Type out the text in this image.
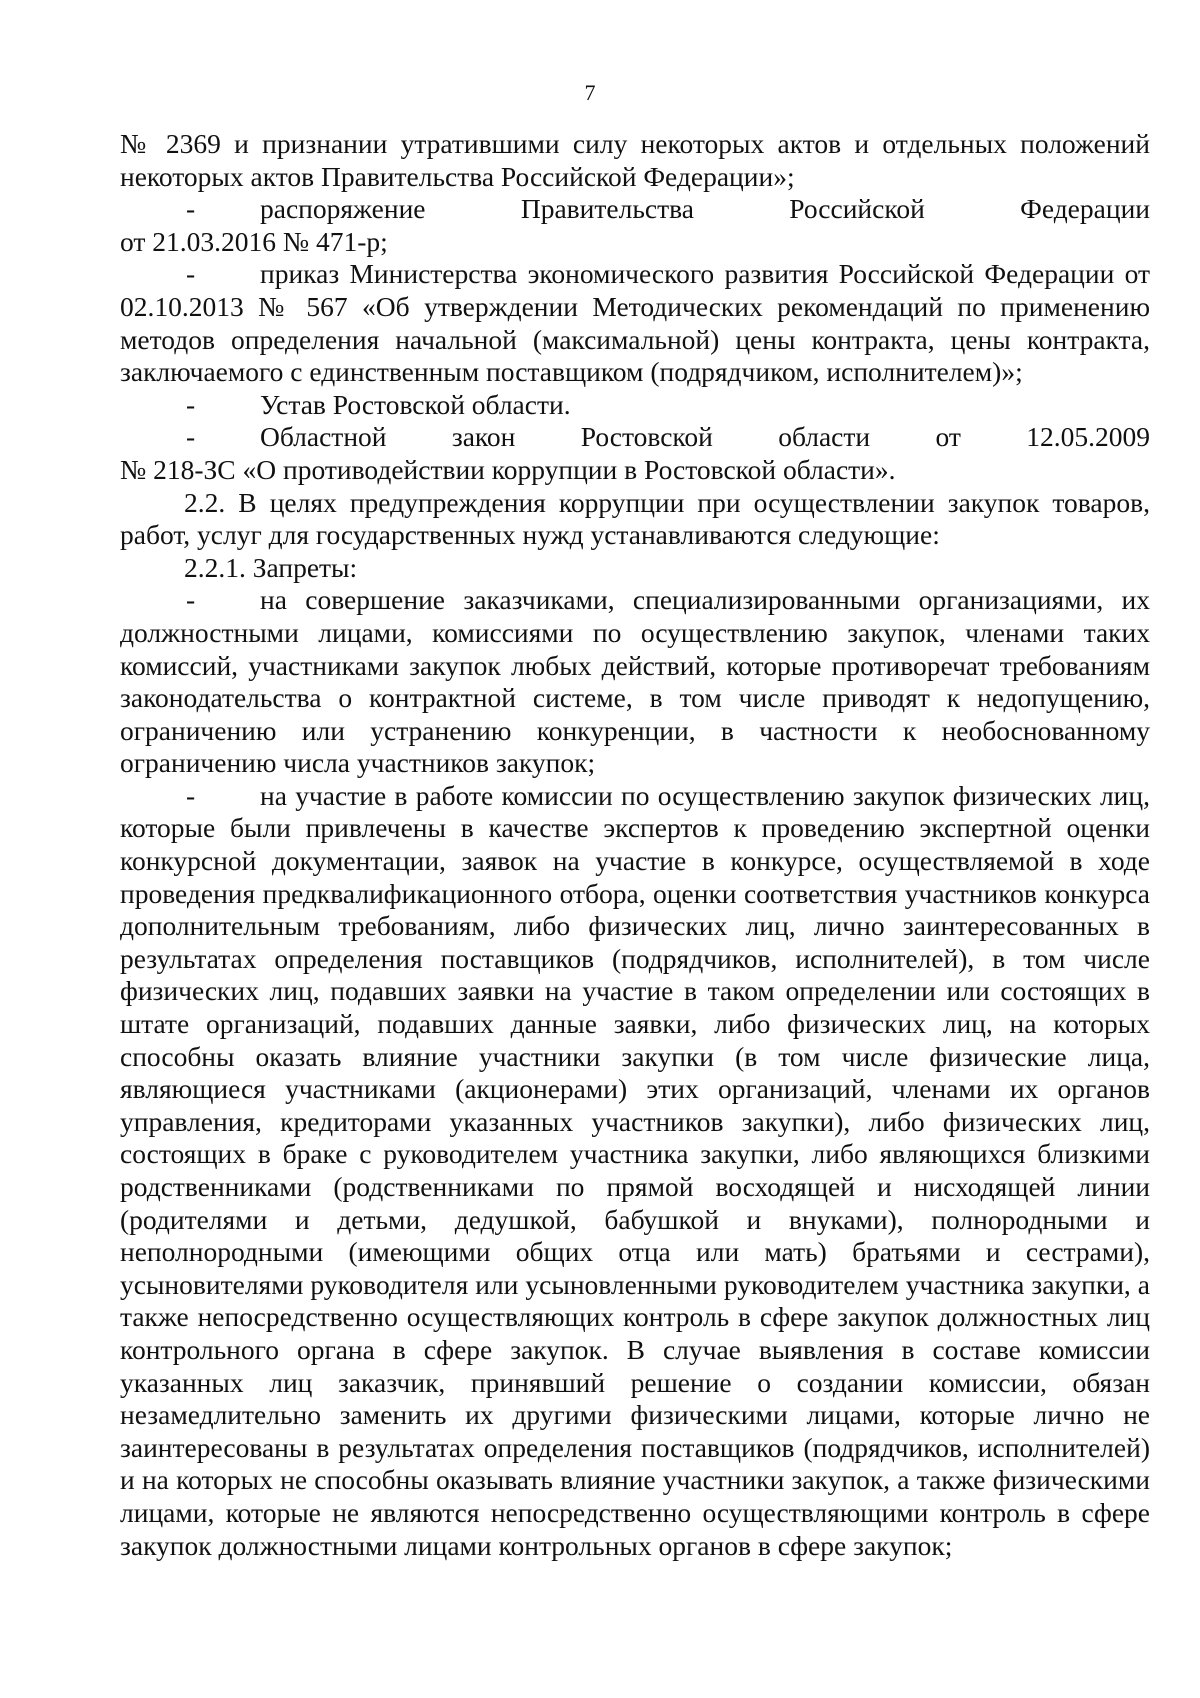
7

№ 2369 и признании утратившими силу некоторых актов и отдельных положений некоторых актов Правительства Российской Федерации»;

- распоряжение Правительства Российской Федерации

от 21.03.2016 № 471-р;

- приказ Министерства экономического развития Российской Федерации от 02.10.2013 № 567 «Об утверждении Методических рекомендаций по применению методов определения начальной (максимальной) цены контракта, цены контракта, заключаемого с единственным поставщиком (подрядчиком, исполнителем)»;

- Устав Ростовской области.

- Областной закон Ростовской области от 12.05.2009

№ 218-ЗС «О противодействии коррупции в Ростовской области».

2.2. В целях предупреждения коррупции при осуществлении закупок товаров, работ, услуг для государственных нужд устанавливаются следующие:

2.2.1. Запреты:

- на совершение заказчиками, специализированными организациями, их должностными лицами, комиссиями по осуществлению закупок, членами таких комиссий, участниками закупок любых действий, которые противоречат требованиям законодательства о контрактной системе, в том числе приводят к недопущению, ограничению или устранению конкуренции, в частности к необоснованному ограничению числа участников закупок;

- на участие в работе комиссии по осуществлению закупок физических лиц, которые были привлечены в качестве экспертов к проведению экспертной оценки конкурсной документации, заявок на участие в конкурсе, осуществляемой в ходе проведения предквалификационного отбора, оценки соответствия участников конкурса дополнительным требованиям, либо физических лиц, лично заинтересованных в результатах определения поставщиков (подрядчиков, исполнителей), в том числе физических лиц, подавших заявки на участие в таком определении или состоящих в штате организаций, подавших данные заявки, либо физических лиц, на которых способны оказать влияние участники закупки (в том числе физические лица, являющиеся участниками (акционерами) этих организаций, членами их органов управления, кредиторами указанных участников закупки), либо физических лиц, состоящих в браке с руководителем участника закупки, либо являющихся близкими родственниками (родственниками по прямой восходящей и нисходящей линии (родителями и детьми, дедушкой, бабушкой и внуками), полнородными и неполнородными (имеющими общих отца или мать) братьями и сестрами), усыновителями руководителя или усыновленными руководителем участника закупки, а также непосредственно осуществляющих контроль в сфере закупок должностных лиц контрольного органа в сфере закупок. В случае выявления в составе комиссии указанных лиц заказчик, принявший решение о создании комиссии, обязан незамедлительно заменить их другими физическими лицами, которые лично не заинтересованы в результатах определения поставщиков (подрядчиков, исполнителей) и на которых не способны оказывать влияние участники закупок, а также физическими лицами, которые не являются непосредственно осуществляющими контроль в сфере закупок должностными лицами контрольных органов в сфере закупок;
